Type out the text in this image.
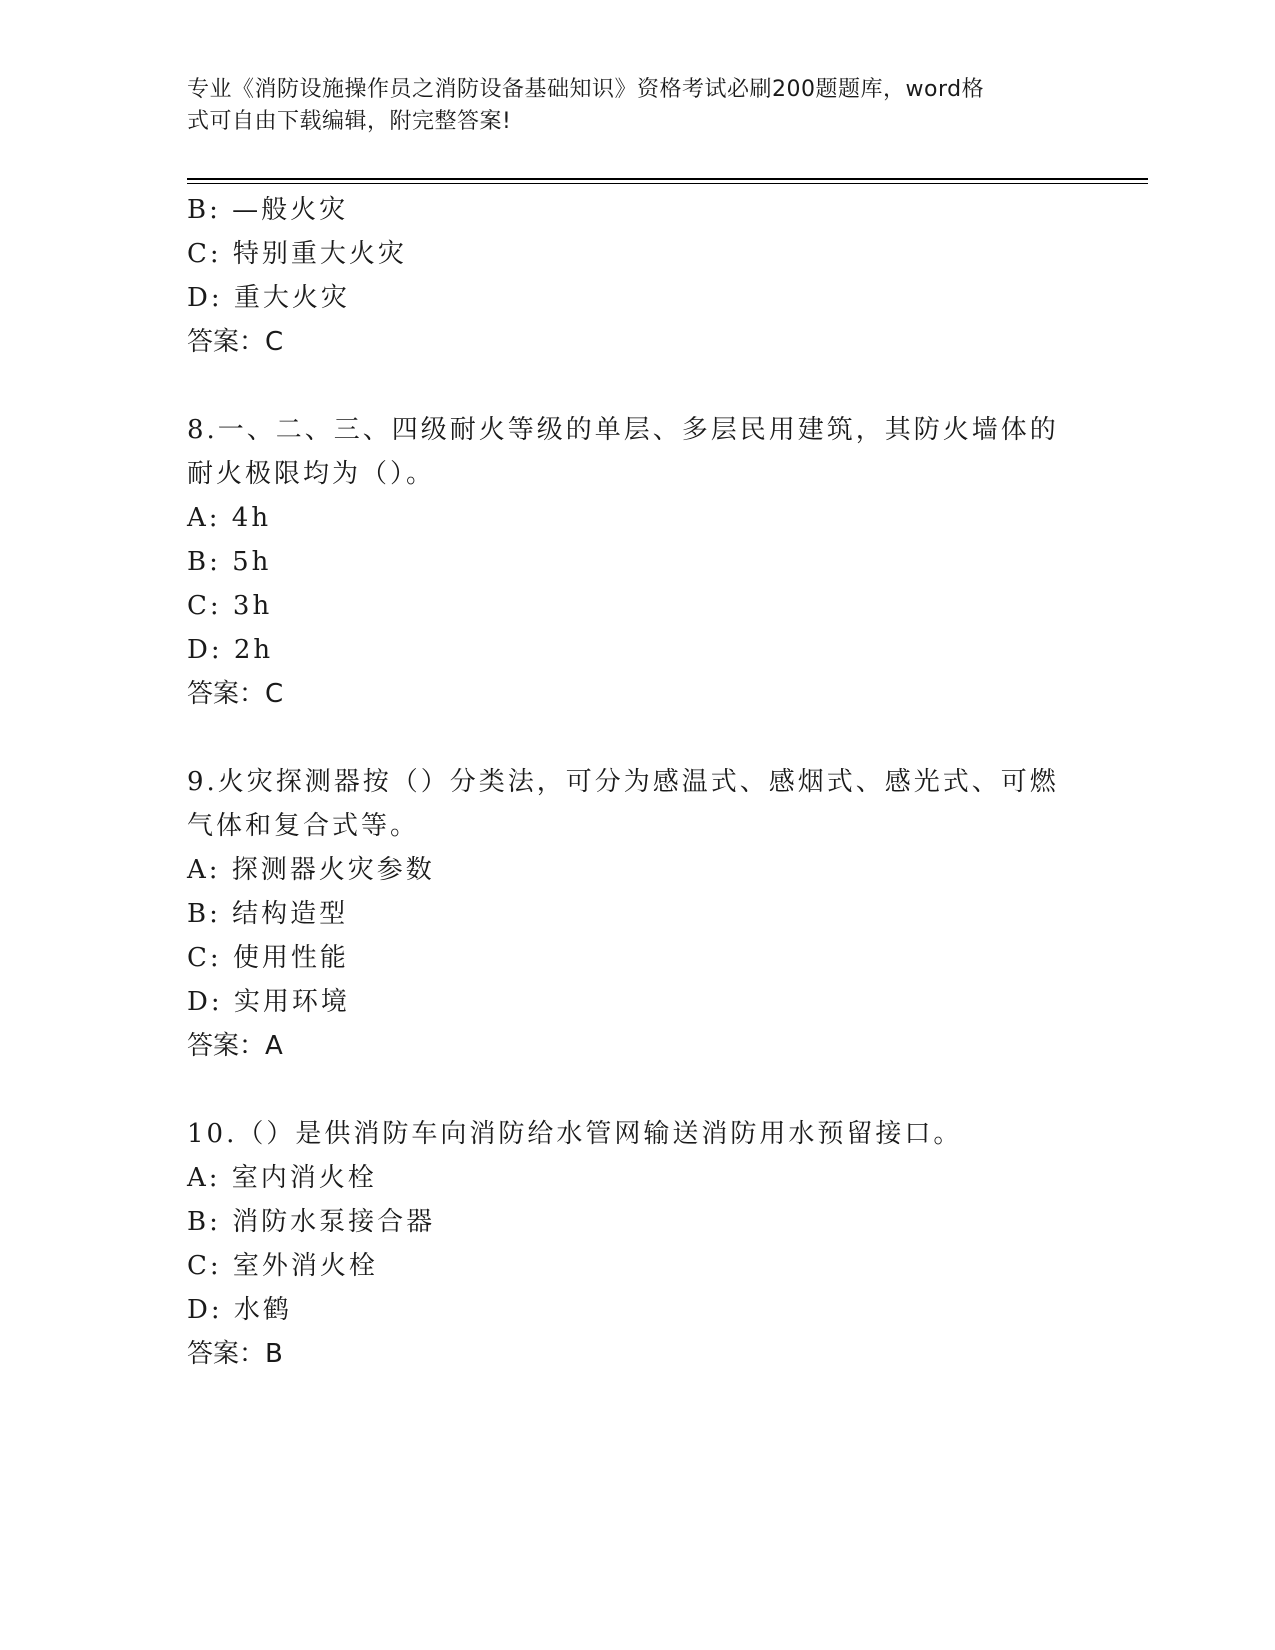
专业《消防设施操作员之消防设备基础知识》资格考试必刷200题题库，word格
式可自由下载编辑，附完整答案!
B: —般火灾
C: 特别重大火灾
D: 重大火灾
答案：C
8.一、二、三、四级耐火等级的单层、多层民用建筑，其防火墙体的
耐火极限均为（）。
A: 4h
B: 5h
C: 3h
D: 2h
答案：C
9.火灾探测器按（）分类法，可分为感温式、感烟式、感光式、可燃
气体和复合式等。
A: 探测器火灾参数
B: 结构造型
C: 使用性能
D: 实用环境
答案：A
10.（）是供消防车向消防给水管网输送消防用水预留接口。
A: 室内消火栓
B: 消防水泵接合器
C: 室外消火栓
D: 水鹤
答案：B
